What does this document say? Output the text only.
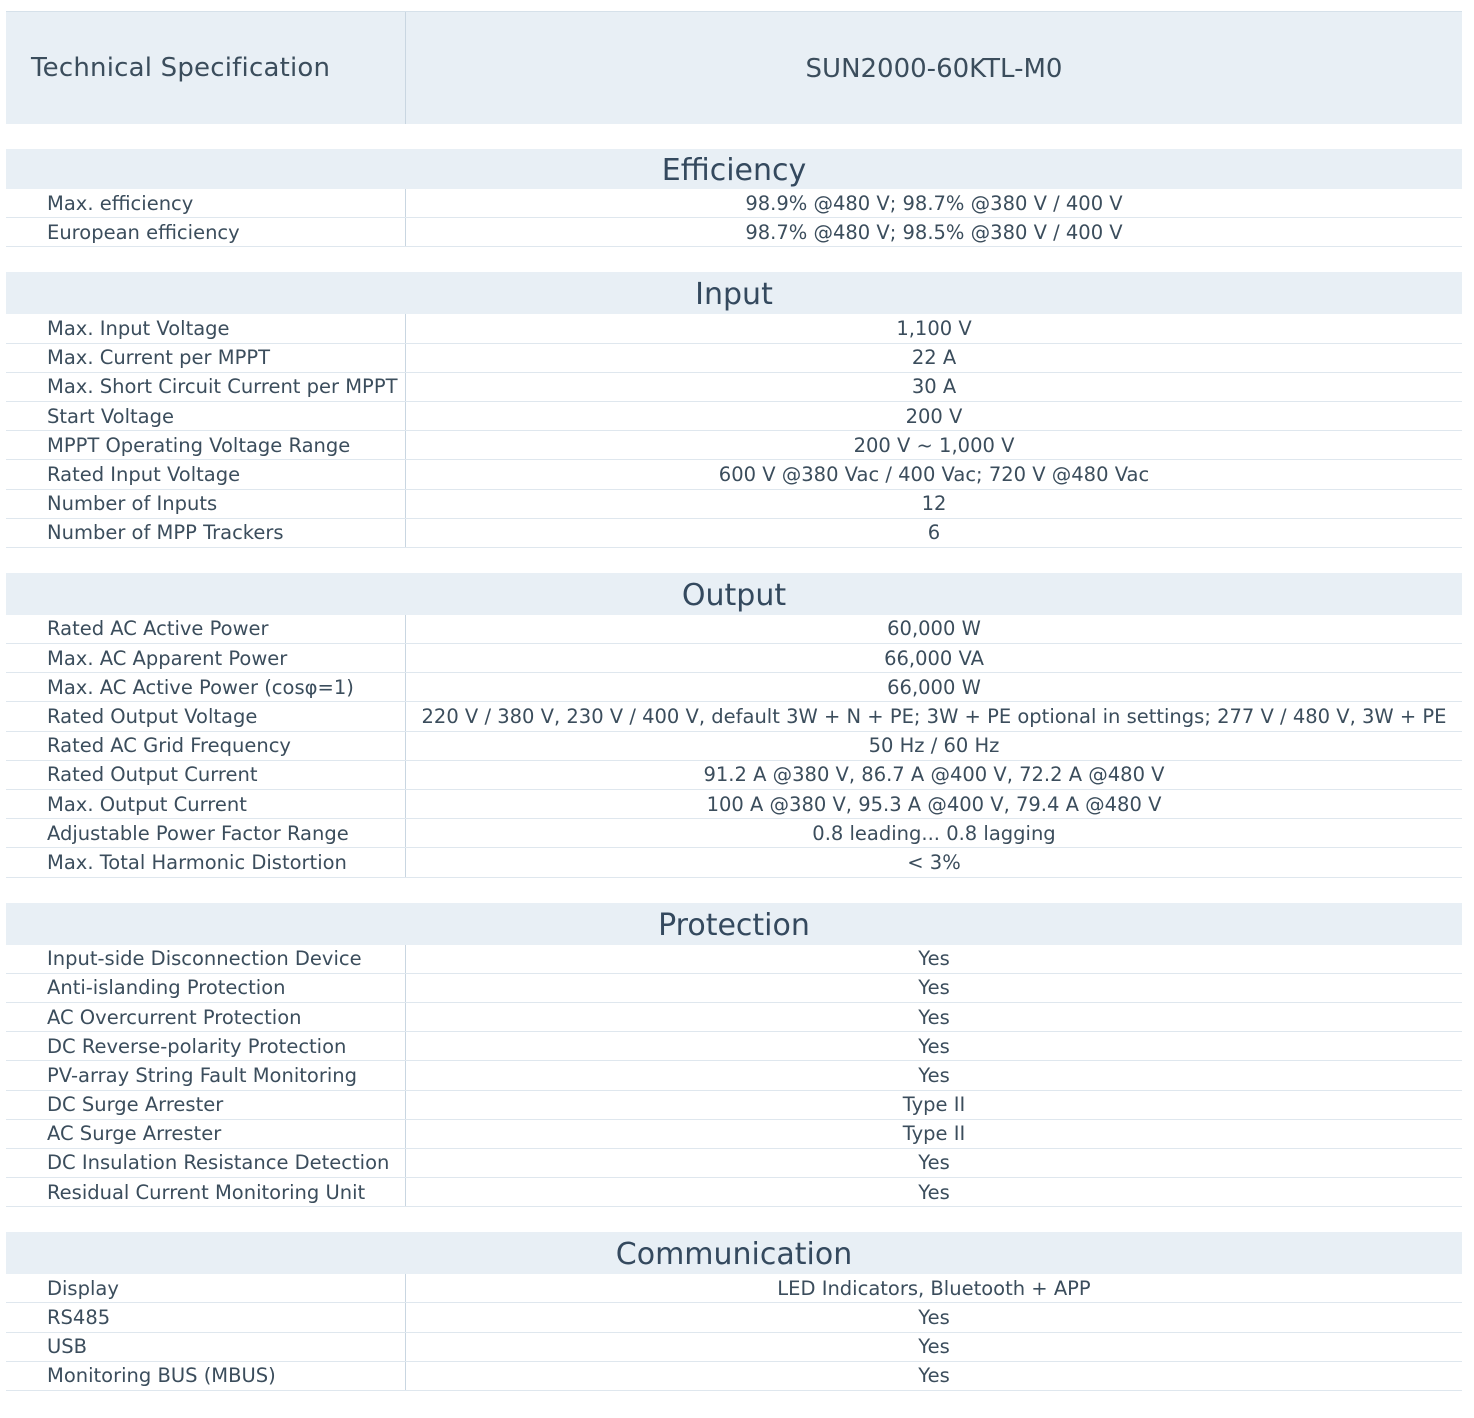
Technical Specification	SUN2000-60KTL-M0
Efficiency
Max. efficiency	98.9% @480 V; 98.7% @380 V / 400 V
European efficiency	98.7% @480 V; 98.5% @380 V / 400 V
Input
Max. Input Voltage	1,100 V
Max. Current per MPPT	22 A
Max. Short Circuit Current per MPPT	30 A
Start Voltage	200 V
MPPT Operating Voltage Range	200 V ~ 1,000 V
Rated Input Voltage	600 V @380 Vac / 400 Vac; 720 V @480 Vac
Number of Inputs	12
Number of MPP Trackers	6
Output
Rated AC Active Power	60,000 W
Max. AC Apparent Power	66,000 VA
Max. AC Active Power (cosφ=1)	66,000 W
Rated Output Voltage	220 V / 380 V, 230 V / 400 V, default 3W + N + PE; 3W + PE optional in settings; 277 V / 480 V, 3W + PE
Rated AC Grid Frequency	50 Hz / 60 Hz
Rated Output Current	91.2 A @380 V, 86.7 A @400 V, 72.2 A @480 V
Max. Output Current	100 A @380 V, 95.3 A @400 V, 79.4 A @480 V
Adjustable Power Factor Range	0.8 leading... 0.8 lagging
Max. Total Harmonic Distortion	< 3%
Protection
Input-side Disconnection Device	Yes
Anti-islanding Protection	Yes
AC Overcurrent Protection	Yes
DC Reverse-polarity Protection	Yes
PV-array String Fault Monitoring	Yes
DC Surge Arrester	Type II
AC Surge Arrester	Type II
DC Insulation Resistance Detection	Yes
Residual Current Monitoring Unit	Yes
Communication
Display	LED Indicators, Bluetooth + APP
RS485	Yes
USB	Yes
Monitoring BUS (MBUS)	Yes
